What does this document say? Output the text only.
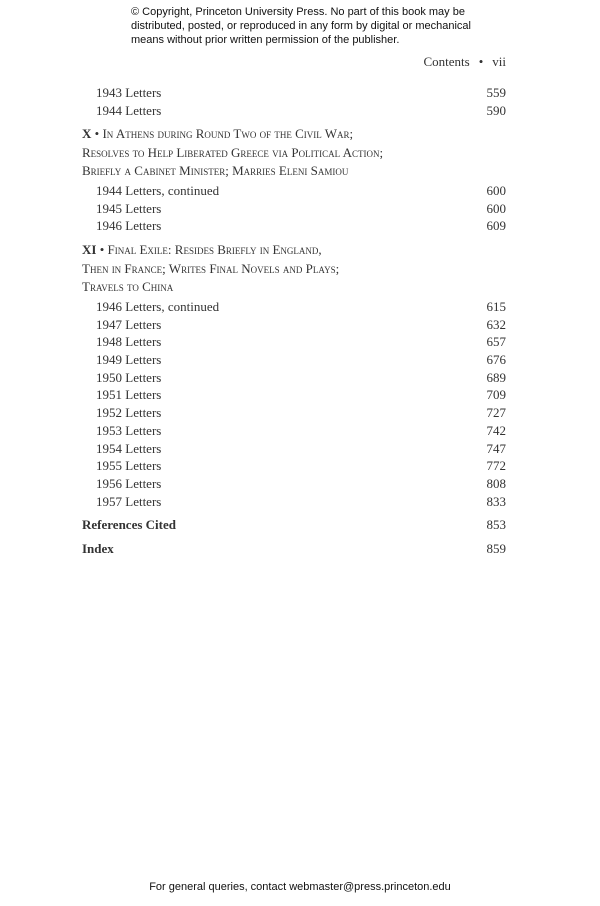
© Copyright, Princeton University Press. No part of this book may be distributed, posted, or reproduced in any form by digital or mechanical means without prior written permission of the publisher.
Contents • vii
1943 Letters	559
1944 Letters	590
X • In Athens during Round Two of the Civil War;
Resolves to Help Liberated Greece via Political Action;
Briefly a Cabinet Minister; Marries Eleni Samiou
1944 Letters, continued	600
1945 Letters	600
1946 Letters	609
XI • Final Exile: Resides Briefly in England,
Then in France; Writes Final Novels and Plays;
Travels to China
1946 Letters, continued	615
1947 Letters	632
1948 Letters	657
1949 Letters	676
1950 Letters	689
1951 Letters	709
1952 Letters	727
1953 Letters	742
1954 Letters	747
1955 Letters	772
1956 Letters	808
1957 Letters	833
References Cited	853
Index	859
For general queries, contact webmaster@press.princeton.edu
